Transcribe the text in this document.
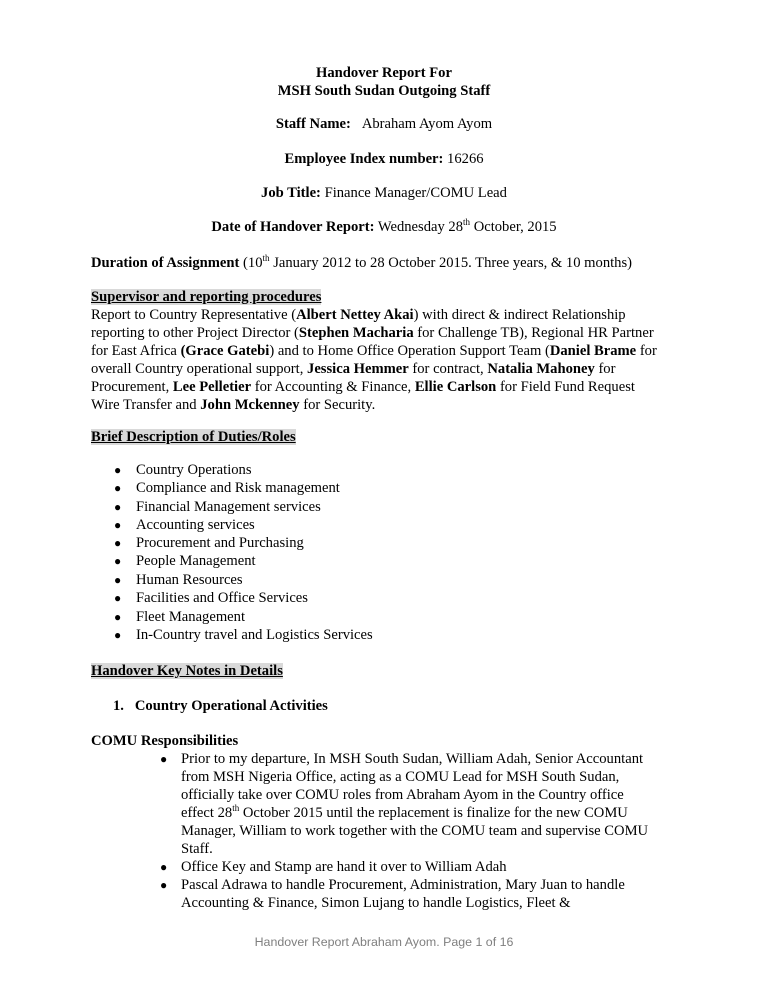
Handover Report For
MSH South Sudan Outgoing Staff
Staff Name: Abraham Ayom Ayom
Employee Index number: 16266
Job Title: Finance Manager/COMU Lead
Date of Handover Report: Wednesday 28th October, 2015
Duration of Assignment (10th January 2012 to 28 October 2015. Three years, & 10 months)
Supervisor and reporting procedures
Report to Country Representative (Albert Nettey Akai) with direct & indirect Relationship
reporting to other Project Director (Stephen Macharia for Challenge TB), Regional HR Partner
for East Africa (Grace Gatebi) and to Home Office Operation Support Team (Daniel Brame for
overall Country operational support, Jessica Hemmer for contract, Natalia Mahoney for
Procurement, Lee Pelletier for Accounting & Finance, Ellie Carlson for Field Fund Request
Wire Transfer and John Mckenney for Security.
Brief Description of Duties/Roles
● Country Operations
● Compliance and Risk management
● Financial Management services
● Accounting services
● Procurement and Purchasing
● People Management
● Human Resources
● Facilities and Office Services
● Fleet Management
● In-Country travel and Logistics Services
Handover Key Notes in Details
1.   Country Operational Activities
COMU Responsibilities
● Prior to my departure, In MSH South Sudan, William Adah, Senior Accountant
from MSH Nigeria Office, acting as a COMU Lead for MSH South Sudan,
officially take over COMU roles from Abraham Ayom in the Country office
effect 28th October 2015 until the replacement is finalize for the new COMU
Manager, William to work together with the COMU team and supervise COMU
Staff.
● Office Key and Stamp are hand it over to William Adah
● Pascal Adrawa to handle Procurement, Administration, Mary Juan to handle
Accounting & Finance, Simon Lujang to handle Logistics, Fleet &
Handover Report Abraham Ayom. Page 1 of 16
